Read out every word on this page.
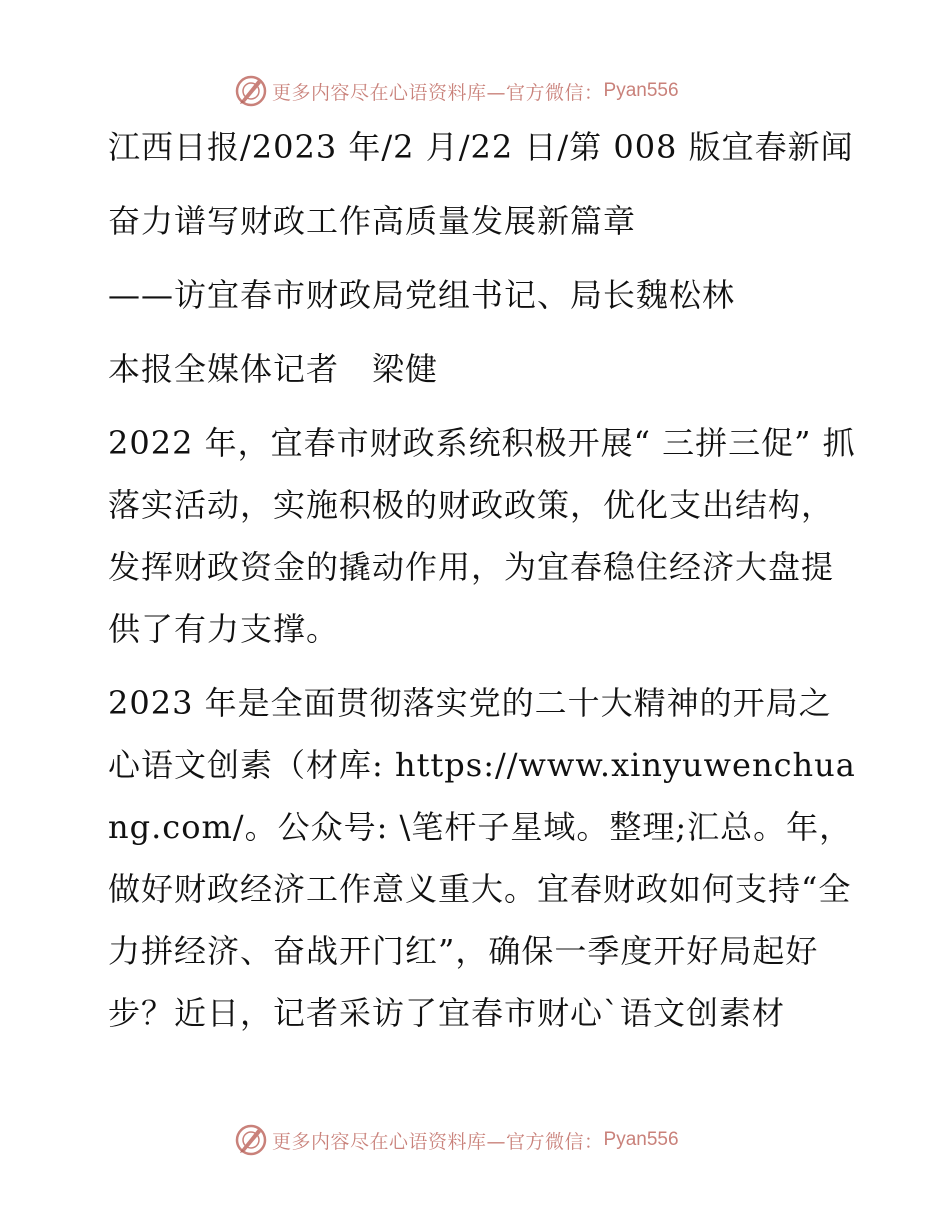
更多内容尽在心语资料库—官方微信： Pyan556

江西日报/2023 年/2 月/22 日/第 008 版宜春新闻

奋力谱写财政工作高质量发展新篇章

——访宜春市财政局党组书记、局长魏松林

本报全媒体记者　梁健

2022 年，宜春市财政系统积极开展“ 三拼三促” 抓落实活动，实施积极的财政政策，优化支出结构，发挥财政资金的撬动作用，为宜春稳住经济大盘提供了有力支撑。

2023 年是全面贯彻落实党的二十大精神的开局之心语文创素（材库: https://www.xinyuwenchuang.com/。公众号: \笔杆子星域。整理;汇总。年，做好财政经济工作意义重大。宜春财政如何支持“全力拼经济、奋战开门红”，确保一季度开好局起好步？近日，记者采访了宜春市财心`语文创素材

更多内容尽在心语资料库—官方微信： Pyan556
